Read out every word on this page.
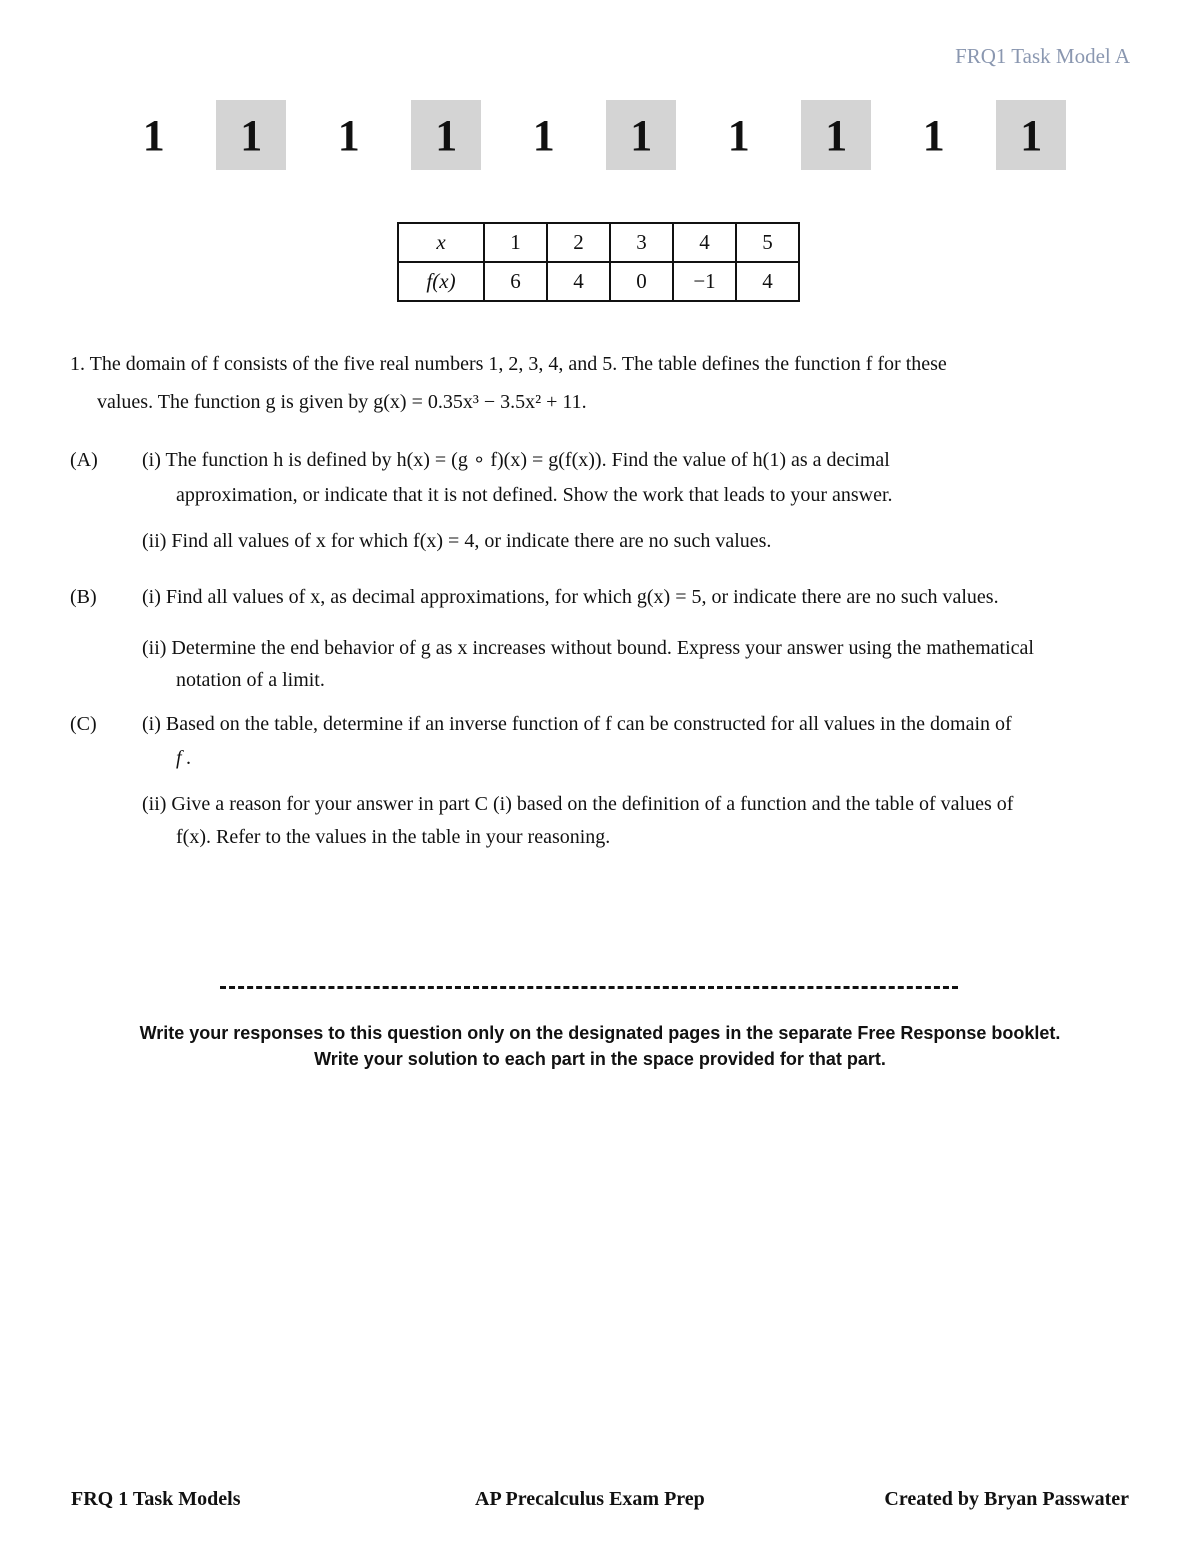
FRQ1 Task Model A
1 1 1 1 1 1 1 1 1 1
x	1	2	3	4	5
f(x)	6	4	0	−1	4
1. The domain of f consists of the five real numbers 1, 2, 3, 4, and 5. The table defines the function f for these
values. The function g is given by g(x) = 0.35x³ − 3.5x² + 11.
(A) (i) The function h is defined by h(x) = (g ∘ f)(x) = g(f(x)). Find the value of h(1) as a decimal
approximation, or indicate that it is not defined. Show the work that leads to your answer.
(ii) Find all values of x for which f(x) = 4, or indicate there are no such values.
(B) (i) Find all values of x, as decimal approximations, for which g(x) = 5, or indicate there are no such values.
(ii) Determine the end behavior of g as x increases without bound. Express your answer using the mathematical
notation of a limit.
(C) (i) Based on the table, determine if an inverse function of f can be constructed for all values in the domain of
f .
(ii) Give a reason for your answer in part C (i) based on the definition of a function and the table of values of
f(x). Refer to the values in the table in your reasoning.
Write your responses to this question only on the designated pages in the separate Free Response booklet.
Write your solution to each part in the space provided for that part.
FRQ 1 Task Models	AP Precalculus Exam Prep	Created by Bryan Passwater
